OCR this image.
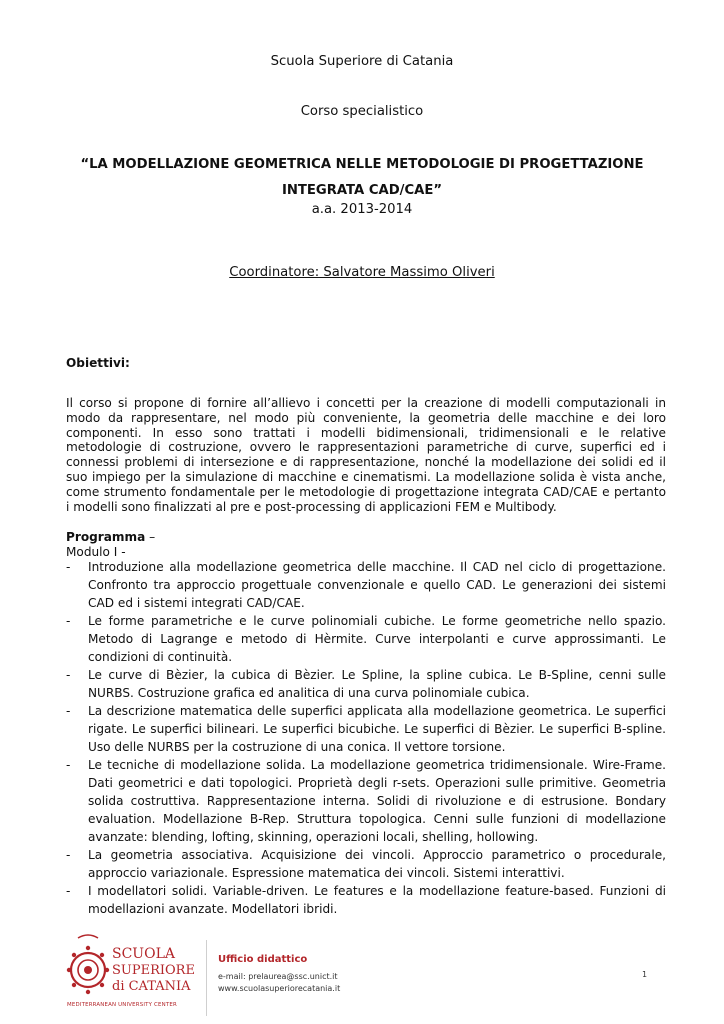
Scuola Superiore di Catania
Corso specialistico
“LA MODELLAZIONE GEOMETRICA NELLE METODOLOGIE DI PROGETTAZIONE
INTEGRATA CAD/CAE”
a.a. 2013-2014
Coordinatore: Salvatore Massimo Oliveri
Obiettivi:
Il corso si propone di fornire all’allievo i concetti per la creazione di modelli computazionali in modo da rappresentare, nel modo più conveniente, la geometria delle macchine e dei loro componenti. In esso sono trattati i modelli bidimensionali, tridimensionali e le relative metodologie di costruzione, ovvero le rappresentazioni parametriche di curve, superfici ed i connessi problemi di intersezione e di rappresentazione, nonché la modellazione dei solidi ed il suo impiego per la simulazione di macchine e cinematismi. La modellazione solida è vista anche, come strumento fondamentale per le metodologie di progettazione integrata CAD/CAE e pertanto i modelli sono finalizzati al pre e post-processing di applicazioni FEM e Multibody.
Programma –
Modulo I -
- Introduzione alla modellazione geometrica delle macchine. Il CAD nel ciclo di progettazione. Confronto tra approccio progettuale convenzionale e quello CAD. Le generazioni dei sistemi CAD ed i sistemi integrati CAD/CAE.
- Le forme parametriche e le curve polinomiali cubiche. Le forme geometriche nello spazio. Metodo di Lagrange e metodo di Hèrmite. Curve interpolanti e curve approssimanti. Le condizioni di continuità.
- Le curve di Bèzier, la cubica di Bèzier. Le Spline, la spline cubica. Le B-Spline, cenni sulle NURBS. Costruzione grafica ed analitica di una curva polinomiale cubica.
- La descrizione matematica delle superfici applicata alla modellazione geometrica. Le superfici rigate. Le superfici bilineari. Le superfici bicubiche. Le superfici di Bèzier. Le superfici B-spline. Uso delle NURBS per la costruzione di una conica. Il vettore torsione.
- Le tecniche di modellazione solida. La modellazione geometrica tridimensionale. Wire-Frame. Dati geometrici e dati topologici. Proprietà degli r-sets. Operazioni sulle primitive. Geometria solida costruttiva. Rappresentazione interna. Solidi di rivoluzione e di estrusione. Bondary evaluation. Modellazione B-Rep. Struttura topologica. Cenni sulle funzioni di modellazione avanzate: blending, lofting, skinning, operazioni locali, shelling, hollowing.
- La geometria associativa. Acquisizione dei vincoli. Approccio parametrico o procedurale, approccio variazionale. Espressione matematica dei vincoli. Sistemi interattivi.
- I modellatori solidi. Variable-driven. Le features e la modellazione feature-based. Funzioni di modellazioni avanzate. Modellatori ibridi.
SCUOLA
SUPERIORE
di CATANIA
MEDITERRANEAN UNIVERSITY CENTER
Ufficio didattico
e-mail: prelaurea@ssc.unict.it
www.scuolasuperiorecatania.it
1
